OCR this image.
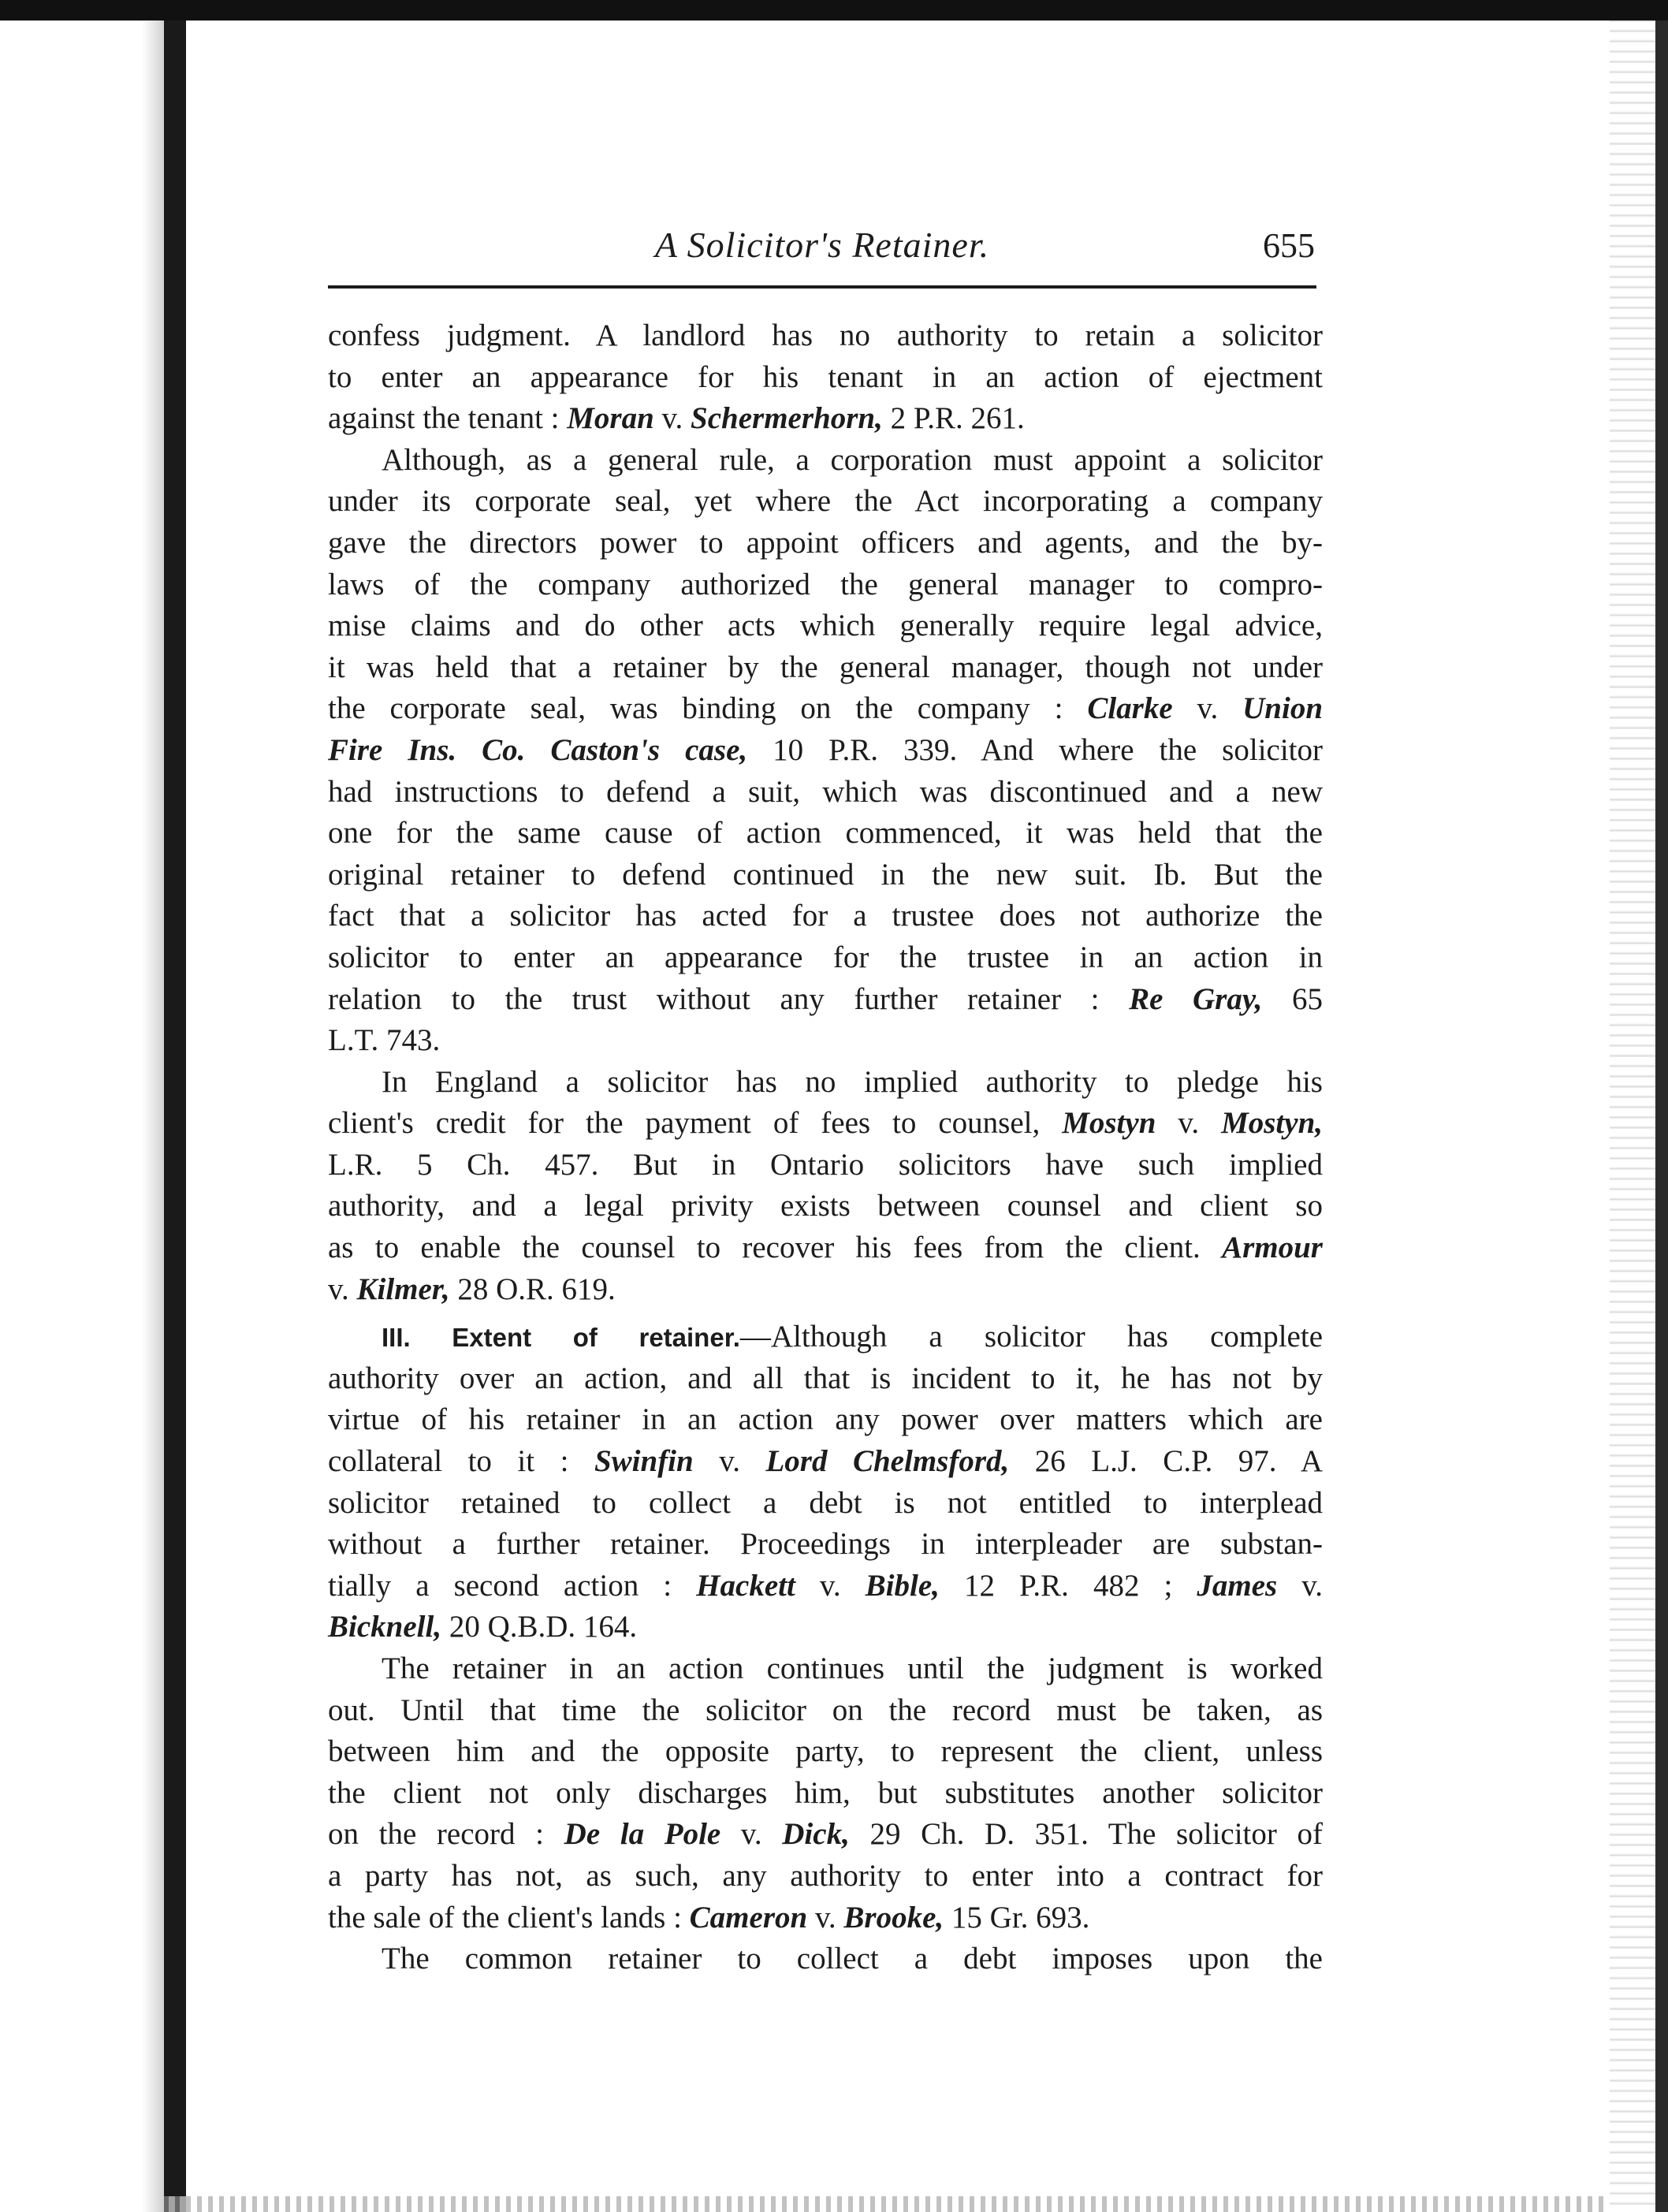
A Solicitor's Retainer.	655
confess judgment. A landlord has no authority to retain a solicitor
to enter an appearance for his tenant in an action of ejectment
against the tenant : Moran v. Schermerhorn, 2 P.R. 261.
Although, as a general rule, a corporation must appoint a solicitor
under its corporate seal, yet where the Act incorporating a company
gave the directors power to appoint officers and agents, and the by-
laws of the company authorized the general manager to compro-
mise claims and do other acts which generally require legal advice,
it was held that a retainer by the general manager, though not under
the corporate seal, was binding on the company : Clarke v. Union
Fire Ins. Co. Caston's case, 10 P.R. 339. And where the solicitor
had instructions to defend a suit, which was discontinued and a new
one for the same cause of action commenced, it was held that the
original retainer to defend continued in the new suit. Ib. But the
fact that a solicitor has acted for a trustee does not authorize the
solicitor to enter an appearance for the trustee in an action in
relation to the trust without any further retainer : Re Gray, 65
L.T. 743.
In England a solicitor has no implied authority to pledge his
client's credit for the payment of fees to counsel, Mostyn v. Mostyn,
L.R. 5 Ch. 457. But in Ontario solicitors have such implied
authority, and a legal privity exists between counsel and client so
as to enable the counsel to recover his fees from the client. Armour
v. Kilmer, 28 O.R. 619.
III. Extent of retainer.—Although a solicitor has complete
authority over an action, and all that is incident to it, he has not by
virtue of his retainer in an action any power over matters which are
collateral to it : Swinfin v. Lord Chelmsford, 26 L.J. C.P. 97. A
solicitor retained to collect a debt is not entitled to interplead
without a further retainer. Proceedings in interpleader are substan-
tially a second action : Hackett v. Bible, 12 P.R. 482 ; James v.
Bicknell, 20 Q.B.D. 164.
The retainer in an action continues until the judgment is worked
out. Until that time the solicitor on the record must be taken, as
between him and the opposite party, to represent the client, unless
the client not only discharges him, but substitutes another solicitor
on the record : De la Pole v. Dick, 29 Ch. D. 351. The solicitor of
a party has not, as such, any authority to enter into a contract for
the sale of the client's lands : Cameron v. Brooke, 15 Gr. 693.
The common retainer to collect a debt imposes upon the
